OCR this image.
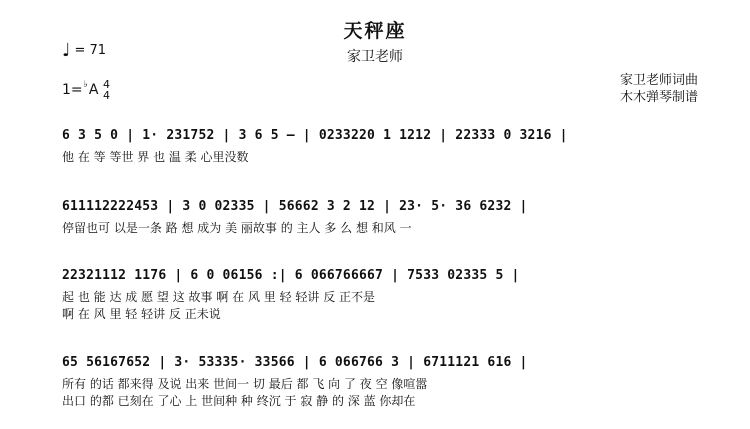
天秤座
家卫老师
♩ = 71
1=♭A 4
4
家卫老师词曲
木木弹琴制谱
6 3 5 0 | 1· 231752 | 3 6 5 — | 0233220 1 1212 | 22333 0 3216 |
他 在 等 等世 界 也 温 柔 心里没数
611112222453 | 3 0 02335 | 56662 3 2 12 | 23· 5· 36 6232 |
停留也可 以是一条 路 想 成为 美 丽故事 的 主人 多 么 想 和风 一
22321112 1176 | 6 0 06156 :| 6 066766667 | 7533 02335 5 |
起 也 能 达 成 愿 望 这 故事 啊 在 风 里 轻 轻讲 反 正不是
啊 在 风 里 轻 轻讲 反 正未说
65 56167652 | 3· 53335· 33566 | 6 066766 3 | 6711121 616 |
所有 的话 都来得 及说 出来 世间一 切 最后 都 飞 向 了 夜 空 像喧嚣
出口 的都 已刻在 了心 上 世间种 种 终沉 于 寂 静 的 深 蓝 你却在
